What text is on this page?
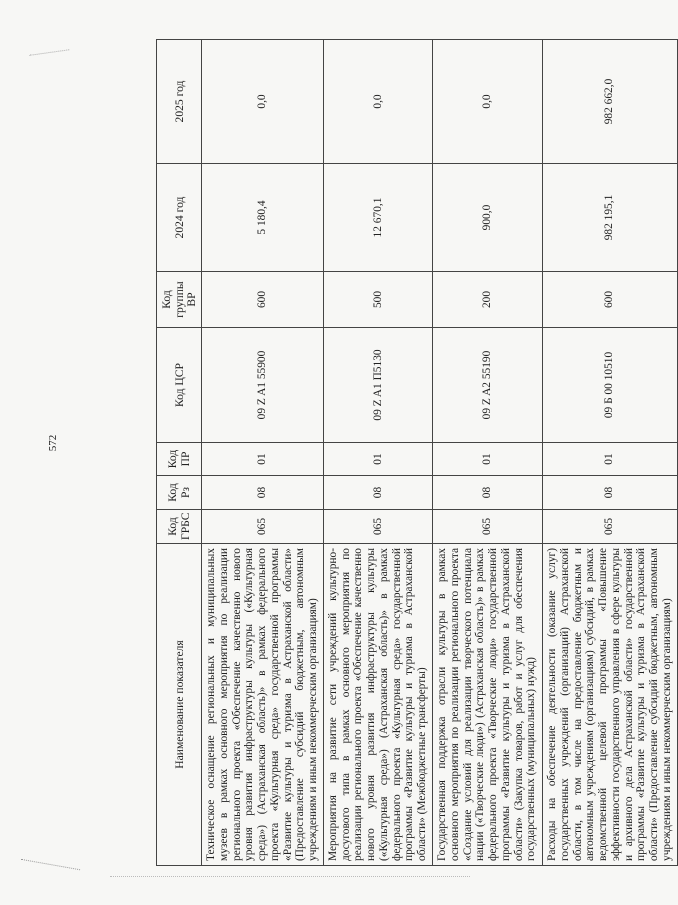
572
Наименование показателя	Код ГРБС	Код Рз	Код ПР	Код ЦСР	Код группы ВР	2024 год	2025 год
Техническое оснащение региональных и муниципальных музеев в рамках основного мероприятия по реализации регионального проекта «Обеспечение качественно нового уровня развития инфраструктуры культуры («Культурная среда») (Астраханская область)» в рамках федерального проекта «Культурная среда» государственной программы «Развитие культуры и туризма в Астраханской области» (Предоставление субсидий бюджетным, автономным учреждениям и иным некоммерческим организациям)	065	08	01	09 Z A1 55900	600	5 180,4	0,0
Мероприятия на развитие сети учреждений культурно-досугового типа в рамках основного мероприятия по реализации регионального проекта «Обеспечение качественно нового уровня развития инфраструктуры культуры («Культурная среда») (Астраханская область)» в рамках федерального проекта «Культурная среда» государственной программы «Развитие культуры и туризма в Астраханской области» (Межбюджетные трансферты)	065	08	01	09 Z A1 П5130	500	12 670,1	0,0
Государственная поддержка отрасли культуры в рамках основного мероприятия по реализации регионального проекта «Создание условий для реализации творческого потенциала нации («Творческие люди») (Астраханская область)» в рамках федерального проекта «Творческие люди» государственной программы «Развитие культуры и туризма в Астраханской области» (Закупка товаров, работ и услуг для обеспечения государственных (муниципальных) нужд)	065	08	01	09 Z A2 55190	200	900,0	0,0
Расходы на обеспечение деятельности (оказание услуг) государственных учреждений (организаций) Астраханской области, в том числе на предоставление бюджетным и автономным учреждениям (организациям) субсидий, в рамках ведомственной целевой программы «Повышение эффективности государственного управления в сфере культуры и архивного дела Астраханской области» государственной программы «Развитие культуры и туризма в Астраханской области» (Предоставление субсидий бюджетным, автономным учреждениям и иным некоммерческим организациям)	065	08	01	09 Б 00 10510	600	982 195,1	982 662,0
